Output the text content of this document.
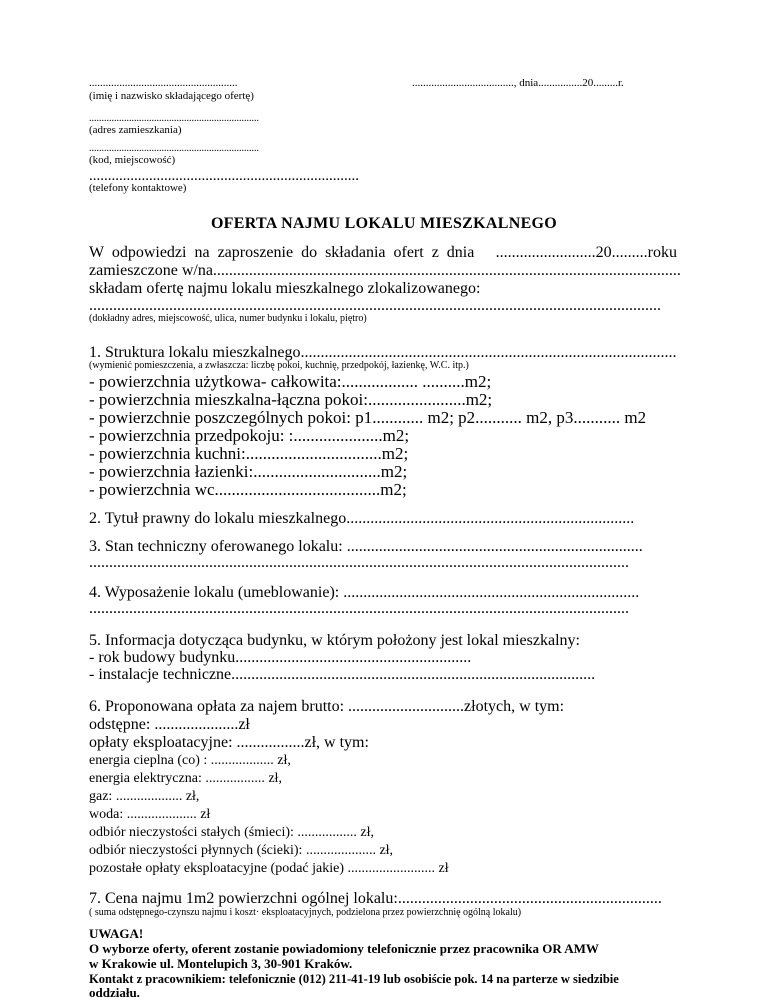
......................................................
(imię i nazwisko składającego ofertę)
....................................., dnia................20.........r.
....................................................................
(adres zamieszkania)
....................................................................
(kod, miejscowość)
........................................................................
(telefony kontaktowe)
OFERTA NAJMU LOKALU MIESZKALNEGO
W odpowiedzi na zaproszenie do składania ofert z dnia .........................20.........roku
zamieszczone w/na.....................................................................................................................
składam ofertę najmu lokalu mieszkalnego zlokalizowanego:
...............................................................................................................................................
(dokładny adres, miejscowość, ulica, numer budynku i lokalu, piętro)
1. Struktura lokalu mieszkalnego..............................................................................................
(wymienić pomieszczenia, a zwłaszcza: liczbę pokoi, kuchnię, przedpokój, łazienkę, W.C. itp.)
- powierzchnia użytkowa- całkowita:.................. ..........m2;
- powierzchnia mieszkalna-łączna pokoi:.......................m2;
- powierzchnie poszczególnych pokoi: p1............ m2; p2........... m2, p3........... m2
- powierzchnia przedpokoju: :.....................m2;
- powierzchnia kuchni:................................m2;
- powierzchnia łazienki:..............................m2;
- powierzchnia wc.......................................m2;
2. Tytuł prawny do lokalu mieszkalnego........................................................................
3. Stan techniczny oferowanego lokalu: ..........................................................................
.......................................................................................................................................
4. Wyposażenie lokalu (umeblowanie): ..........................................................................
.......................................................................................................................................
5. Informacja dotycząca budynku, w którym położony jest lokal mieszkalny:
- rok budowy budynku...........................................................
- instalacje techniczne...........................................................................................
6. Proponowana opłata za najem brutto: .............................złotych, w tym:
odstępne: .....................zł
opłaty eksploatacyjne: .................zł, w tym:
energia cieplna (co) : .................. zł,
energia elektryczna: ................. zł,
gaz: ................... zł,
woda: .................... zł
odbiór nieczystości stałych (śmieci): ................. zł,
odbiór nieczystości płynnych (ścieki): .................... zł,
pozostałe opłaty eksploatacyjne (podać jakie) ......................... zł
7. Cena najmu 1m2 powierzchni ogólnej lokalu:..................................................................
( suma odstępnego-czynszu najmu i koszt· eksploatacyjnych, podzielona przez powierzchnię ogólną lokalu)
UWAGA!
O wyborze oferty, oferent zostanie powiadomiony telefonicznie przez pracownika OR AMW
w Krakowie ul. Montelupich 3, 30-901 Kraków.
Kontakt z pracownikiem: telefonicznie (012) 211-41-19 lub osobiście pok. 14 na parterze w siedzibie
oddziału.
